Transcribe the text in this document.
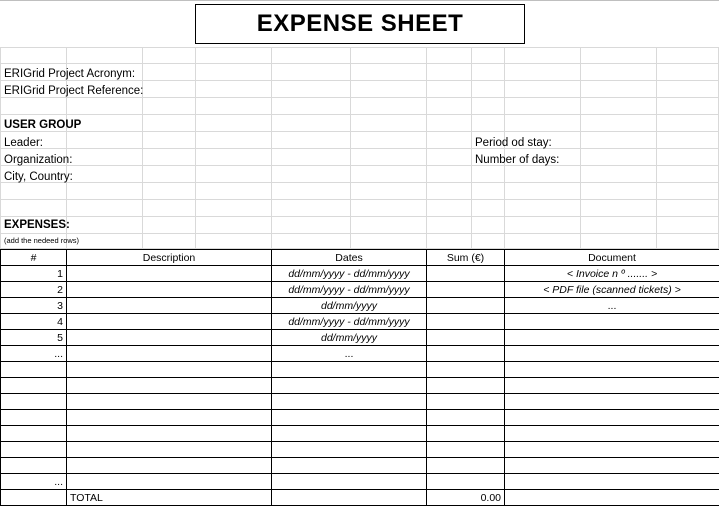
EXPENSE SHEET
ERIGrid Project Acronym:
ERIGrid Project Reference:
USER GROUP
Leader:
Organization:
City, Country:
Period od stay:
Number of days:
EXPENSES:
(add the nedeed rows)
#	Description	Dates	Sum (€)	Document
1		dd/mm/yyyy - dd/mm/yyyy		< Invoice n º ....... >
2		dd/mm/yyyy - dd/mm/yyyy		< PDF file (scanned tickets) >
3		dd/mm/yyyy		...
4		dd/mm/yyyy - dd/mm/yyyy		
5		dd/mm/yyyy		
...		...		

...				
	TOTAL		0.00	
